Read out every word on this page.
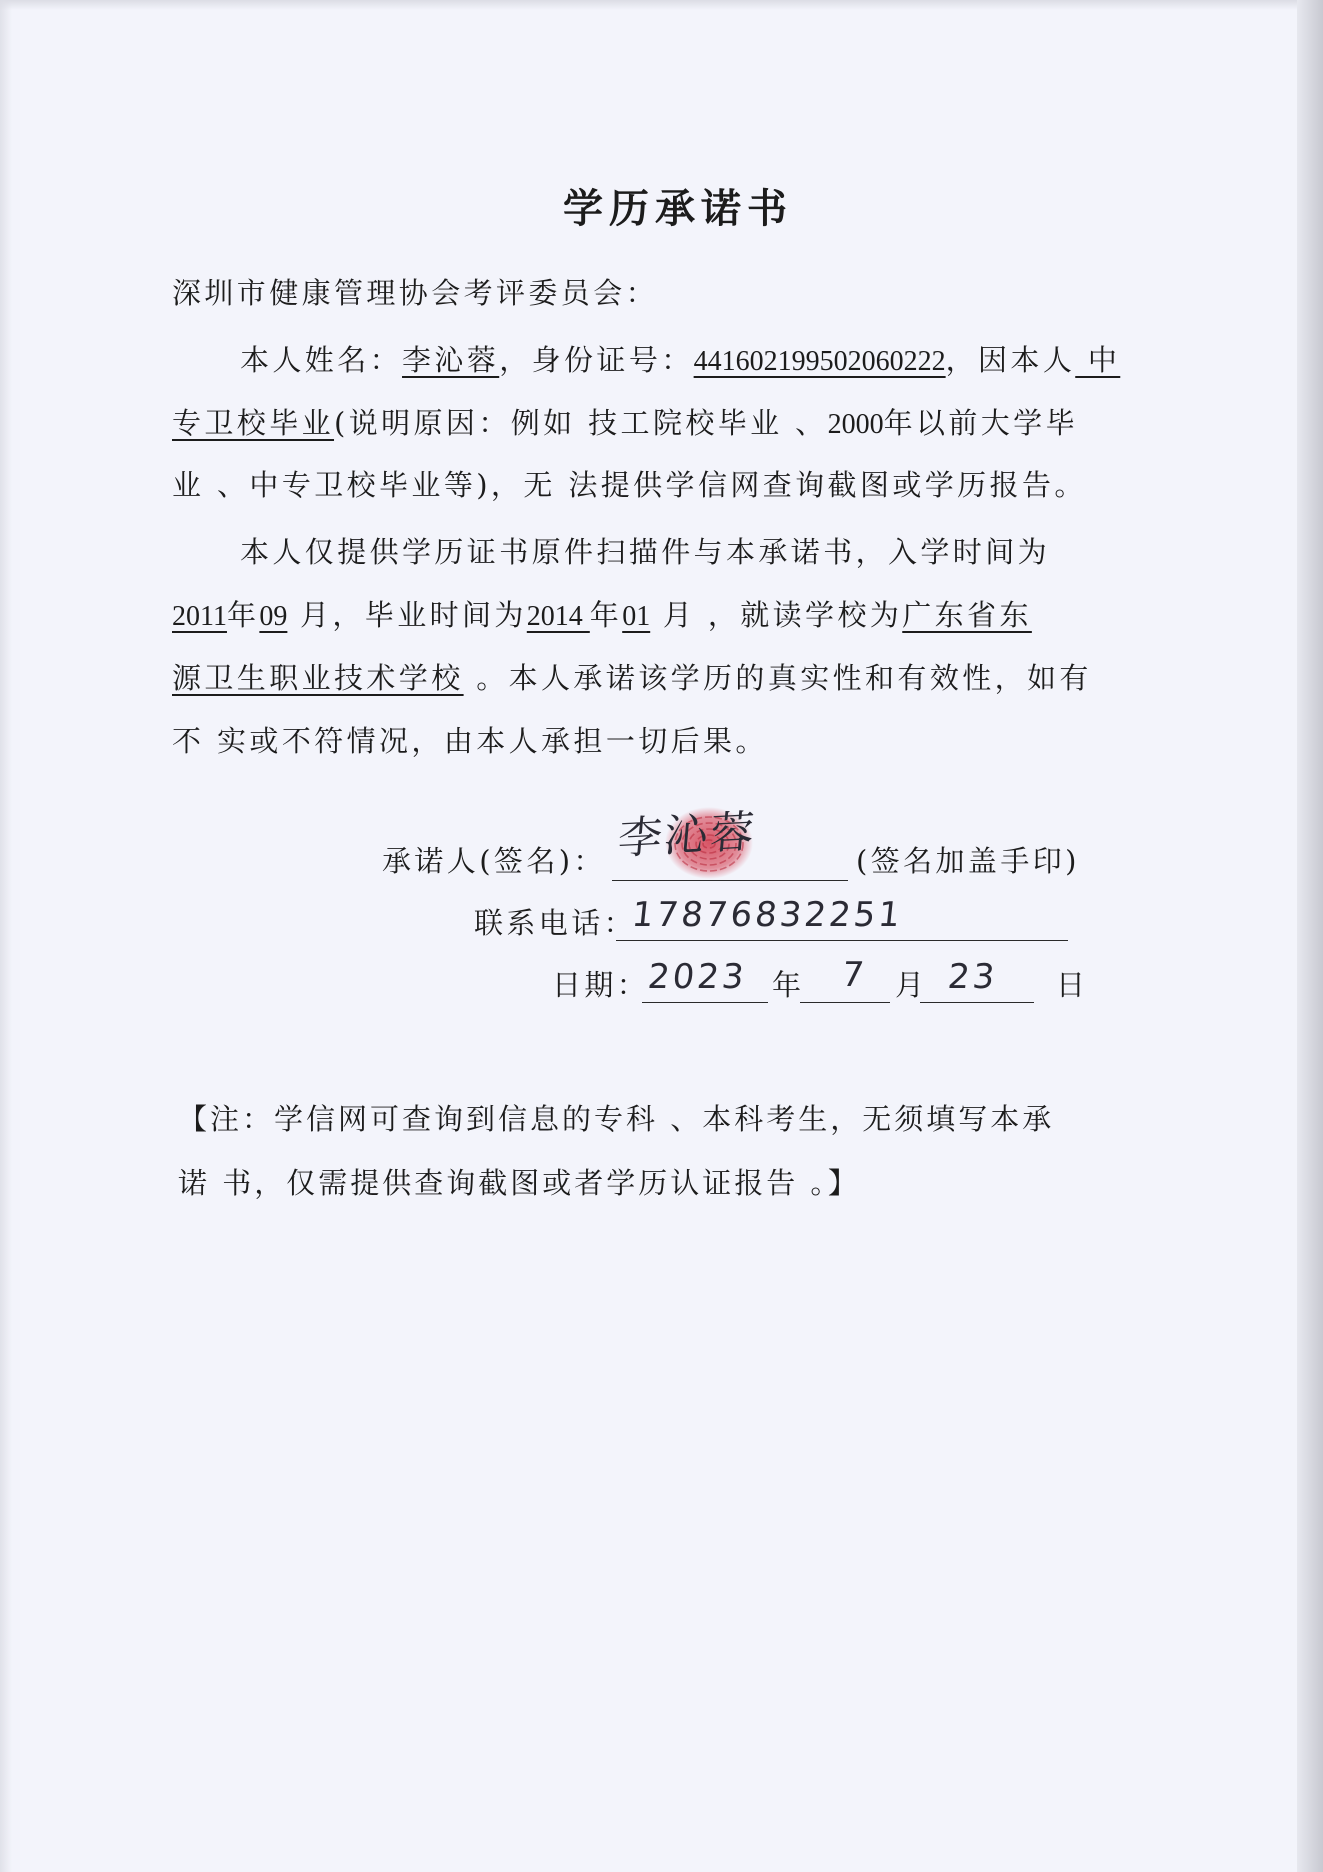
学历承诺书
深圳市健康管理协会考评委员会：
本人姓名：李沁蓉，身份证号：441602199502060222，因本人 中
专卫校毕业(说明原因：例如 技工院校毕业 、2000年以前大学毕
业 、中专卫校毕业等)，无 法提供学信网查询截图或学历报告。
本人仅提供学历证书原件扫描件与本承诺书，入学时间为
2011年09 月，毕业时间为2014 年01 月 ，就读学校为广东省东
源卫生职业技术学校 。本人承诺该学历的真实性和有效性，如有
不 实或不符情况，由本人承担一切后果。
承诺人(签名)： 李沁蓉	(签名加盖手印)
联系电话：
17876832251
日期：
2023 年 7 月 23 日
【注：学信网可查询到信息的专科 、本科考生，无须填写本承
诺 书，仅需提供查询截图或者学历认证报告 。】
